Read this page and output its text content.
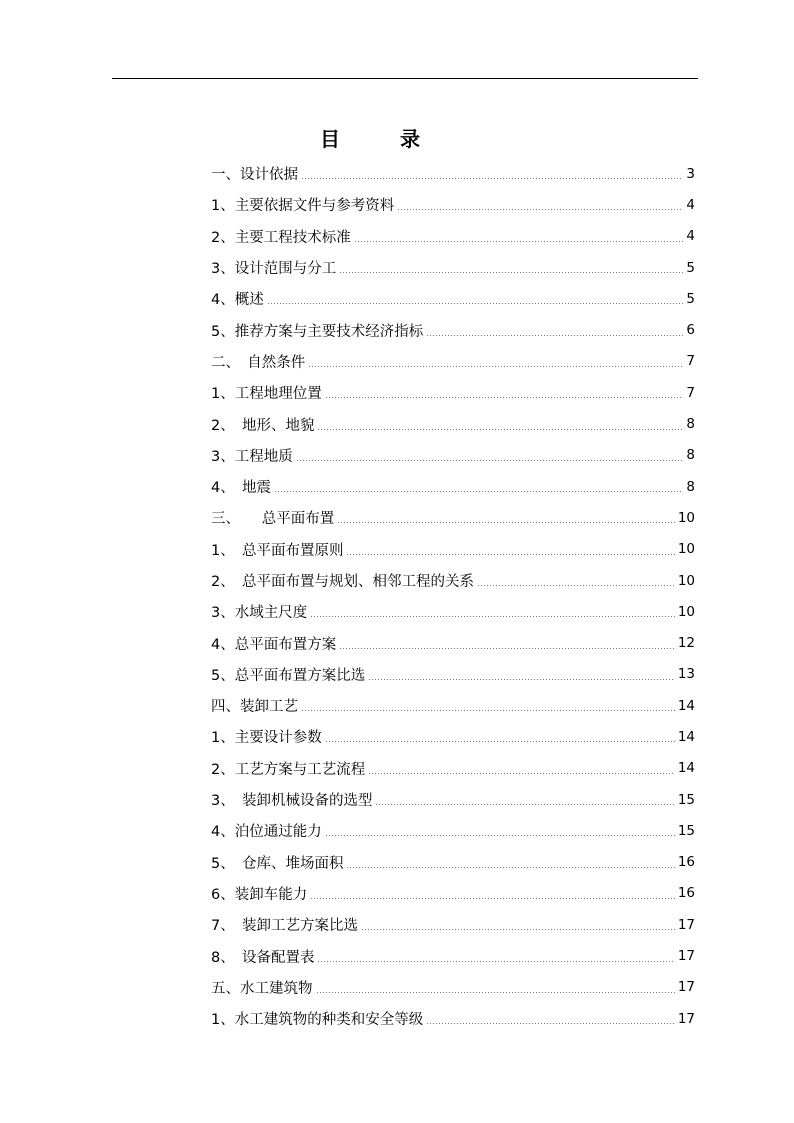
目　录
一、设计依据	3
1、主要依据文件与参考资料	4
2、主要工程技术标准	4
3、设计范围与分工	5
4、概述	5
5、推荐方案与主要技术经济指标	6
二、　自然条件	7
1、工程地理位置	7
2、　地形、地貌	8
3、工程地质	8
4、　地震	8
三、　　总平面布置	10
1、　总平面布置原则	10
2、　总平面布置与规划、相邻工程的关系	10
3、水域主尺度	10
4、总平面布置方案	12
5、总平面布置方案比选	13
四、装卸工艺	14
1、主要设计参数	14
2、工艺方案与工艺流程	14
3、　装卸机械设备的选型	15
4、泊位通过能力	15
5、　仓库、堆场面积	16
6、装卸车能力	16
7、　装卸工艺方案比选	17
8、　设备配置表	17
五、水工建筑物	17
1、水工建筑物的种类和安全等级	17
